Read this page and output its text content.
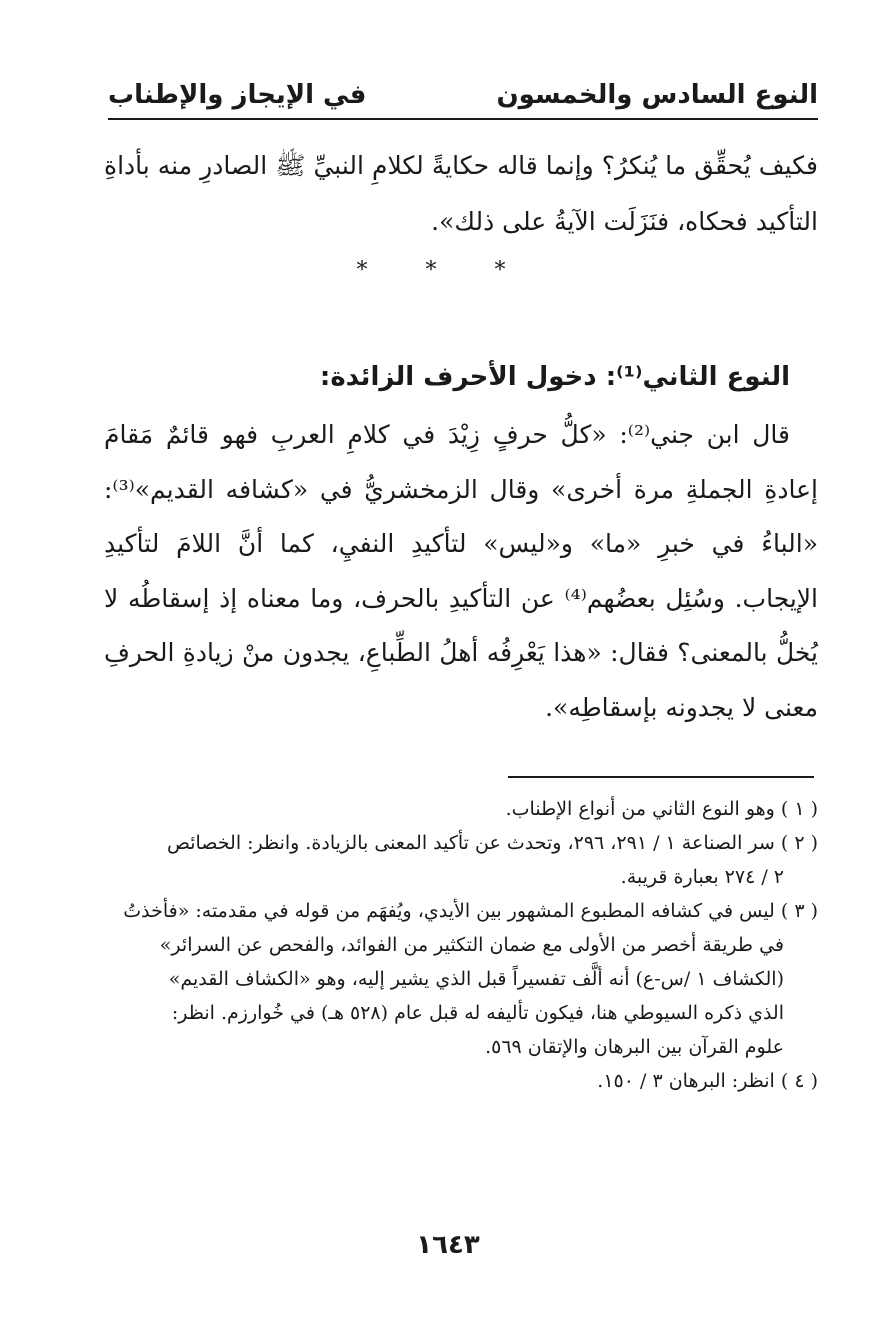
النوع السادس والخمسون
في الإيجاز والإطناب

فكيف يُحقِّق ما يُنكرُ؟ وإنما قاله حكايةً لكلامِ النبيِّ ﷺ الصادرِ منه بأداةِ التأكيد فحكاه، فنَزَلَت الآيةُ على ذلك».

* * *
النوع الثاني⁽¹⁾: دخول الأحرف الزائدة:

قال ابن جني⁽²⁾: «كلُّ حرفٍ زِيْدَ في كلامِ العربِ فهو قائمٌ مَقامَ إعادةِ الجملةِ مرة أخرى» وقال الزمخشريُّ في «كشافه القديم»⁽³⁾: «الباءُ في خبرِ «ما» و«ليس» لتأكيدِ النفيِ، كما أنَّ اللامَ لتأكيدِ الإيجاب. وسُئِل بعضُهم⁽⁴⁾ عن التأكيدِ بالحرف، وما معناه إذ إسقاطُه لا يُخلُّ بالمعنى؟ فقال: «هذا يَعْرِفُه أهلُ الطِّباعِ، يجدون منْ زيادةِ الحرفِ معنى لا يجدونه بإسقاطِه».

( ١ ) وهو النوع الثاني من أنواع الإطناب.

( ٢ ) سر الصناعة ١ / ٢٩١، ٢٩٦، وتحدث عن تأكيد المعنى بالزيادة. وانظر: الخصائص

٢ / ٢٧٤ بعبارة قريبة.

( ٣ ) ليس في كشافه المطبوع المشهور بين الأيدي، ويُفهَم من قوله في مقدمته: «فأخذتُ

في طريقة أخصر من الأولى مع ضمان التكثير من الفوائد، والفحص عن السرائر»

(الكشاف ١ /س-ع) أنه ألَّف تفسيراً قبل الذي يشير إليه، وهو «الكشاف القديم»

الذي ذكره السيوطي هنا، فيكون تأليفه له قبل عام (٥٢٨ هـ) في خُوارزم. انظر:

علوم القرآن بين البرهان والإتقان ٥٦٩.

( ٤ ) انظر: البرهان ٣ / ١٥٠.

١٦٤٣
